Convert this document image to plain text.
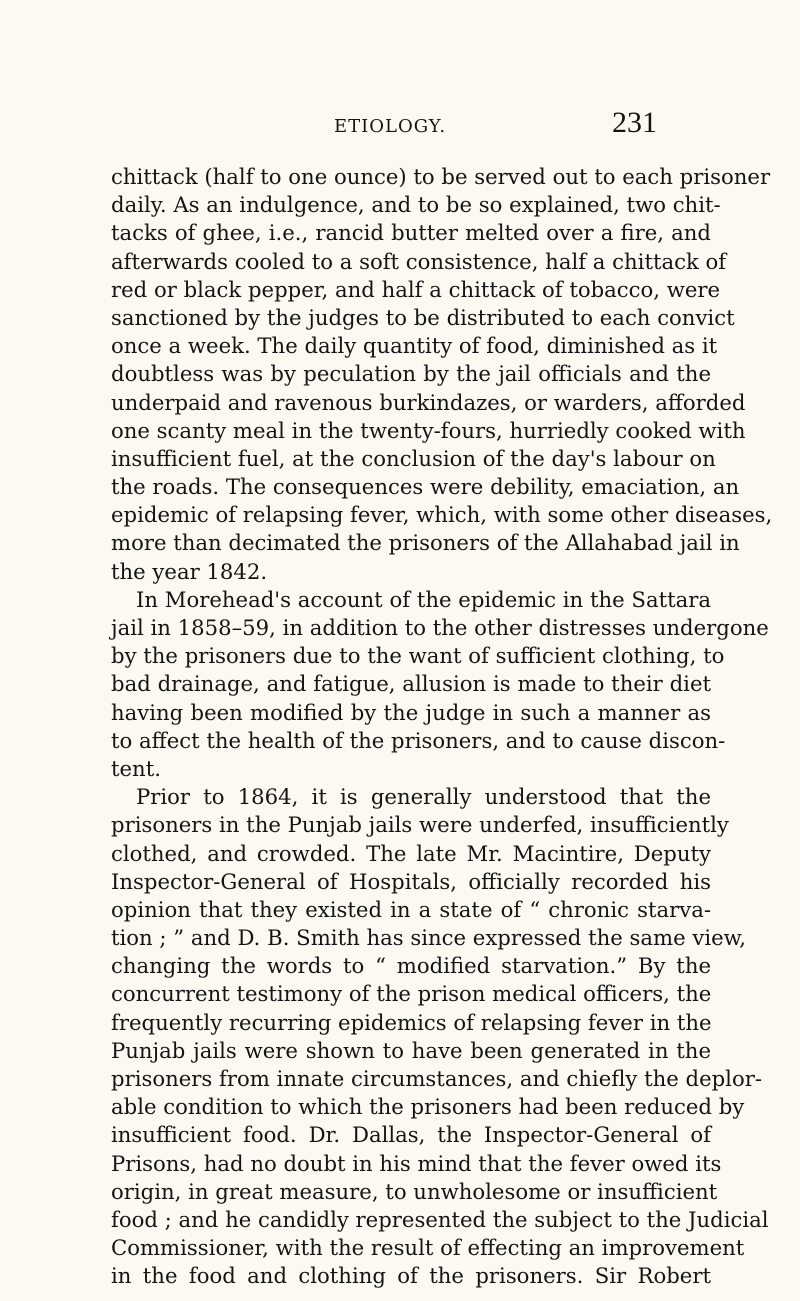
ETIOLOGY.	231
chittack (half to one ounce) to be served out to each prisoner
daily. As an indulgence, and to be so explained, two chit-
tacks of ghee, i.e., rancid butter melted over a fire, and
afterwards cooled to a soft consistence, half a chittack of
red or black pepper, and half a chittack of tobacco, were
sanctioned by the judges to be distributed to each convict
once a week. The daily quantity of food, diminished as it
doubtless was by peculation by the jail officials and the
underpaid and ravenous burkindazes, or warders, afforded
one scanty meal in the twenty-fours, hurriedly cooked with
insufficient fuel, at the conclusion of the day's labour on
the roads. The consequences were debility, emaciation, an
epidemic of relapsing fever, which, with some other diseases,
more than decimated the prisoners of the Allahabad jail in
the year 1842.
In Morehead's account of the epidemic in the Sattara
jail in 1858–59, in addition to the other distresses undergone
by the prisoners due to the want of sufficient clothing, to
bad drainage, and fatigue, allusion is made to their diet
having been modified by the judge in such a manner as
to affect the health of the prisoners, and to cause discon-
tent.
Prior to 1864, it is generally understood that the
prisoners in the Punjab jails were underfed, insufficiently
clothed, and crowded. The late Mr. Macintire, Deputy
Inspector-General of Hospitals, officially recorded his
opinion that they existed in a state of “ chronic starva-
tion ; ” and D. B. Smith has since expressed the same view,
changing the words to “ modified starvation.” By the
concurrent testimony of the prison medical officers, the
frequently recurring epidemics of relapsing fever in the
Punjab jails were shown to have been generated in the
prisoners from innate circumstances, and chiefly the deplor-
able condition to which the prisoners had been reduced by
insufficient food. Dr. Dallas, the Inspector-General of
Prisons, had no doubt in his mind that the fever owed its
origin, in great measure, to unwholesome or insufficient
food ; and he candidly represented the subject to the Judicial
Commissioner, with the result of effecting an improvement
in the food and clothing of the prisoners. Sir Robert
